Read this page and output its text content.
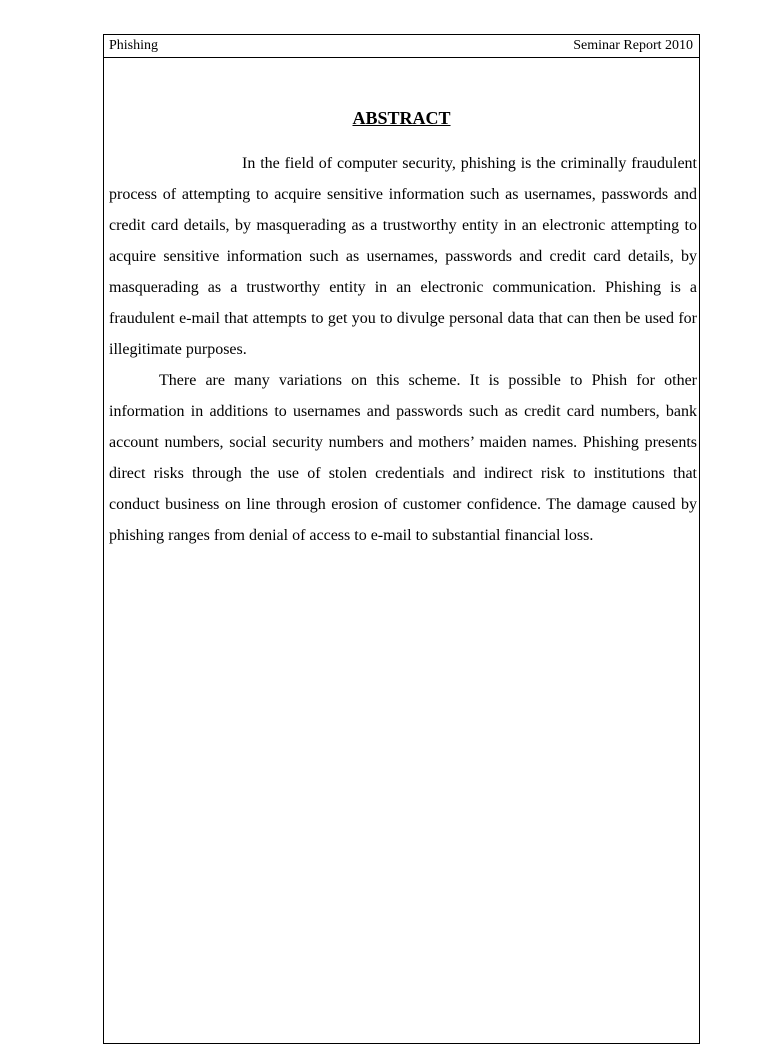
Phishing	Seminar Report 2010
ABSTRACT

In the field of computer security, phishing is the criminally fraudulent process of attempting to acquire sensitive information such as usernames, passwords and credit card details, by masquerading as a trustworthy entity in an electronic attempting to acquire sensitive information such as usernames, passwords and credit card details, by masquerading as a trustworthy entity in an electronic communication. Phishing is a fraudulent e-mail that attempts to get you to divulge personal data that can then be used for illegitimate purposes.

There are many variations on this scheme. It is possible to Phish for other information in additions to usernames and passwords such as credit card numbers, bank account numbers, social security numbers and mothers’ maiden names. Phishing presents direct risks through the use of stolen credentials and indirect risk to institutions that conduct business on line through erosion of customer confidence. The damage caused by phishing ranges from denial of access to e-mail to substantial financial loss.
